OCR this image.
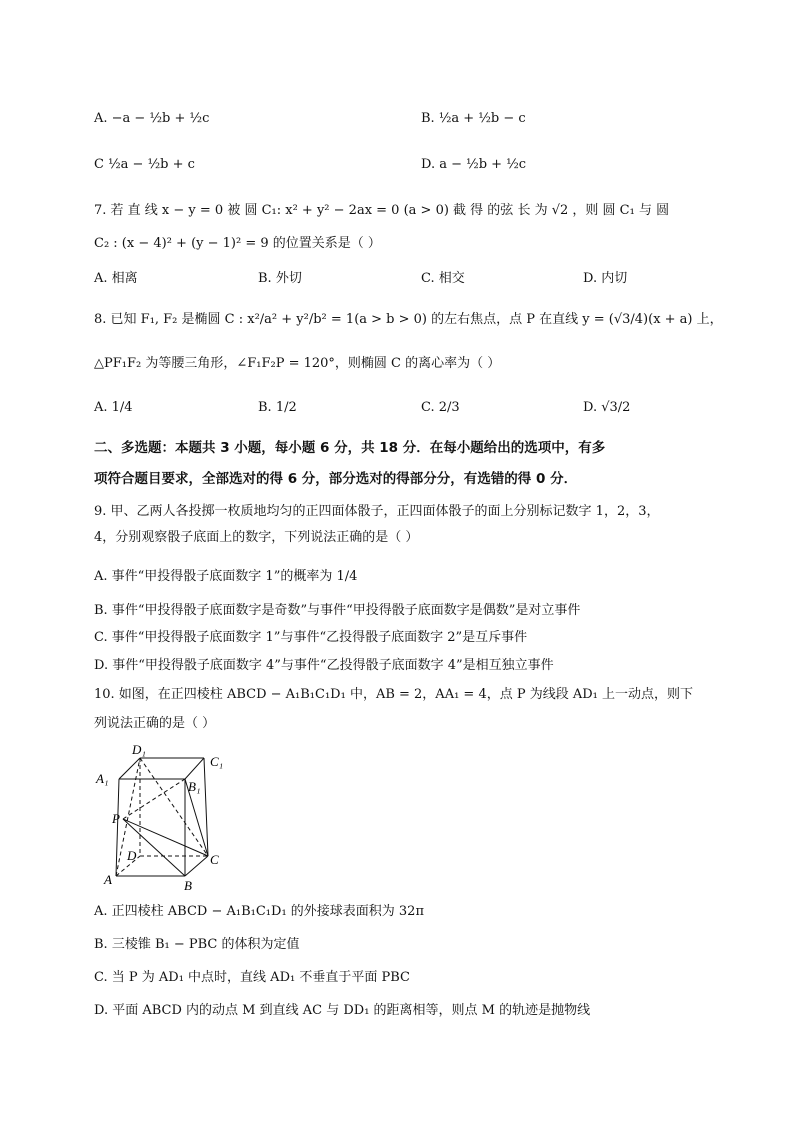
A. −a − ½b + ½c	B. ½a + ½b − c
C ½a − ½b + c	D. a − ½b + ½c
7. 若 直 线 x − y = 0 被 圆 C₁: x² + y² − 2ax = 0 (a > 0) 截 得 的弦 长 为 √2 ，则 圆 C₁ 与 圆
C₂ : (x − 4)² + (y − 1)² = 9 的位置关系是（ ）
A. 相离	B. 外切	C. 相交	D. 内切
8. 已知 F₁, F₂ 是椭圆 C : x²/a² + y²/b² = 1(a > b > 0) 的左右焦点，点 P 在直线 y = (√3/4)(x + a) 上，
△PF₁F₂ 为等腰三角形，∠F₁F₂P = 120°，则椭圆 C 的离心率为（ ）
A. 1/4	B. 1/2	C. 2/3	D. √3/2
二、多选题：本题共 3 小题，每小题 6 分，共 18 分．在每小题给出的选项中，有多
项符合题目要求，全部选对的得 6 分，部分选对的得部分分，有选错的得 0 分．
9. 甲、乙两人各投掷一枚质地均匀的正四面体骰子，正四面体骰子的面上分别标记数字 1，2，3，
4，分别观察骰子底面上的数字，下列说法正确的是（ ）
A. 事件“甲投得骰子底面数字 1”的概率为 1/4
B. 事件“甲投得骰子底面数字是奇数”与事件“甲投得骰子底面数字是偶数”是对立事件
C. 事件“甲投得骰子底面数字 1”与事件“乙投得骰子底面数字 2”是互斥事件
D. 事件“甲投得骰子底面数字 4”与事件“乙投得骰子底面数字 4”是相互独立事件
10. 如图，在正四棱柱 ABCD − A₁B₁C₁D₁ 中，AB = 2，AA₁ = 4，点 P 为线段 AD₁ 上一动点，则下
列说法正确的是（ ）
D₁
C₁
A₁
B₁
P
D	C
A	B
A. 正四棱柱 ABCD − A₁B₁C₁D₁ 的外接球表面积为 32π
B. 三棱锥 B₁ − PBC 的体积为定值
C. 当 P 为 AD₁ 中点时，直线 AD₁ 不垂直于平面 PBC
D. 平面 ABCD 内的动点 M 到直线 AC 与 DD₁ 的距离相等，则点 M 的轨迹是抛物线
